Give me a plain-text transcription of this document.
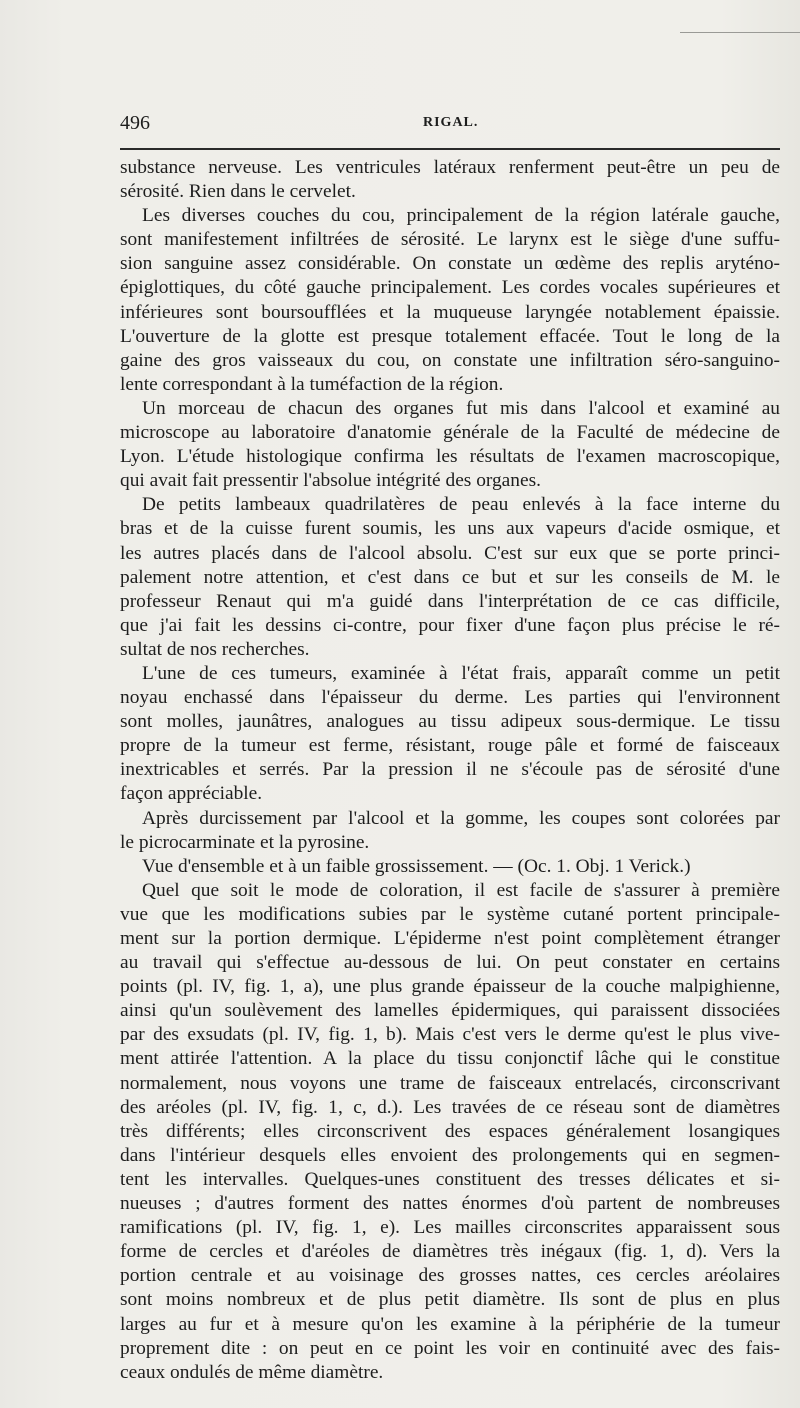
496	RIGAL.
substance nerveuse. Les ventricules latéraux renferment peut-être un peu de
sérosité. Rien dans le cervelet.
Les diverses couches du cou, principalement de la région latérale gauche,
sont manifestement infiltrées de sérosité. Le larynx est le siège d'une suffu-
sion sanguine assez considérable. On constate un œdème des replis aryténo-
épiglottiques, du côté gauche principalement. Les cordes vocales supérieures et
inférieures sont boursoufflées et la muqueuse laryngée notablement épaissie.
L'ouverture de la glotte est presque totalement effacée. Tout le long de la
gaine des gros vaisseaux du cou, on constate une infiltration séro-sanguino-
lente correspondant à la tuméfaction de la région.
Un morceau de chacun des organes fut mis dans l'alcool et examiné au
microscope au laboratoire d'anatomie générale de la Faculté de médecine de
Lyon. L'étude histologique confirma les résultats de l'examen macroscopique,
qui avait fait pressentir l'absolue intégrité des organes.
De petits lambeaux quadrilatères de peau enlevés à la face interne du
bras et de la cuisse furent soumis, les uns aux vapeurs d'acide osmique, et
les autres placés dans de l'alcool absolu. C'est sur eux que se porte princi-
palement notre attention, et c'est dans ce but et sur les conseils de M. le
professeur Renaut qui m'a guidé dans l'interprétation de ce cas difficile,
que j'ai fait les dessins ci-contre, pour fixer d'une façon plus précise le ré-
sultat de nos recherches.
L'une de ces tumeurs, examinée à l'état frais, apparaît comme un petit
noyau enchassé dans l'épaisseur du derme. Les parties qui l'environnent
sont molles, jaunâtres, analogues au tissu adipeux sous-dermique. Le tissu
propre de la tumeur est ferme, résistant, rouge pâle et formé de faisceaux
inextricables et serrés. Par la pression il ne s'écoule pas de sérosité d'une
façon appréciable.
Après durcissement par l'alcool et la gomme, les coupes sont colorées par
le picrocarminate et la pyrosine.
Vue d'ensemble et à un faible grossissement. — (Oc. 1. Obj. 1 Verick.)
Quel que soit le mode de coloration, il est facile de s'assurer à première
vue que les modifications subies par le système cutané portent principale-
ment sur la portion dermique. L'épiderme n'est point complètement étranger
au travail qui s'effectue au-dessous de lui. On peut constater en certains
points (pl. IV, fig. 1, a), une plus grande épaisseur de la couche malpighienne,
ainsi qu'un soulèvement des lamelles épidermiques, qui paraissent dissociées
par des exsudats (pl. IV, fig. 1, b). Mais c'est vers le derme qu'est le plus vive-
ment attirée l'attention. A la place du tissu conjonctif lâche qui le constitue
normalement, nous voyons une trame de faisceaux entrelacés, circonscrivant
des aréoles (pl. IV, fig. 1, c, d.). Les travées de ce réseau sont de diamètres
très différents; elles circonscrivent des espaces généralement losangiques
dans l'intérieur desquels elles envoient des prolongements qui en segmen-
tent les intervalles. Quelques-unes constituent des tresses délicates et si-
nueuses ; d'autres forment des nattes énormes d'où partent de nombreuses
ramifications (pl. IV, fig. 1, e). Les mailles circonscrites apparaissent sous
forme de cercles et d'aréoles de diamètres très inégaux (fig. 1, d). Vers la
portion centrale et au voisinage des grosses nattes, ces cercles aréolaires
sont moins nombreux et de plus petit diamètre. Ils sont de plus en plus
larges au fur et à mesure qu'on les examine à la périphérie de la tumeur
proprement dite : on peut en ce point les voir en continuité avec des fais-
ceaux ondulés de même diamètre.
